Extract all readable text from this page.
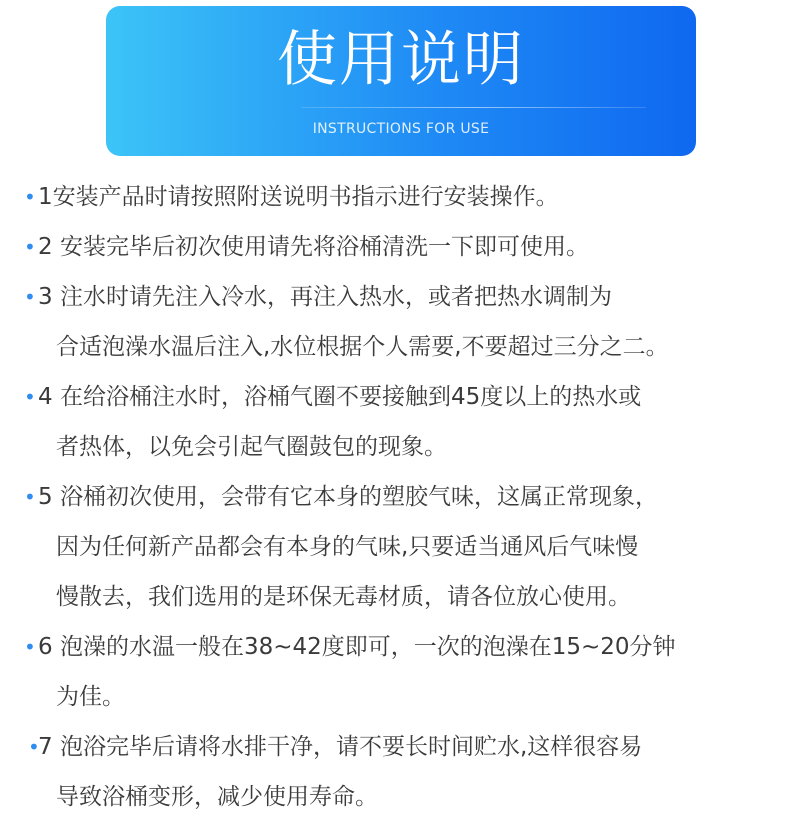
使用说明

INSTRUCTIONS FOR USE

• 1安装产品时请按照附送说明书指示进行安装操作。
• 2 安装完毕后初次使用请先将浴桶清洗一下即可使用。
• 3 注水时请先注入冷水，再注入热水，或者把热水调制为
合适泡澡水温后注入,水位根据个人需要,不要超过三分之二。
• 4 在给浴桶注水时，浴桶气圈不要接触到45度以上的热水或
者热体，以免会引起气圈鼓包的现象。
• 5 浴桶初次使用，会带有它本身的塑胶气味，这属正常现象，
因为任何新产品都会有本身的气味,只要适当通风后气味慢
慢散去，我们选用的是环保无毒材质，请各位放心使用。
• 6 泡澡的水温一般在38~42度即可，一次的泡澡在15~20分钟
为佳。
•
7 泡浴完毕后请将水排干净，请不要长时间贮水,这样很容易
导致浴桶变形，减少使用寿命。
